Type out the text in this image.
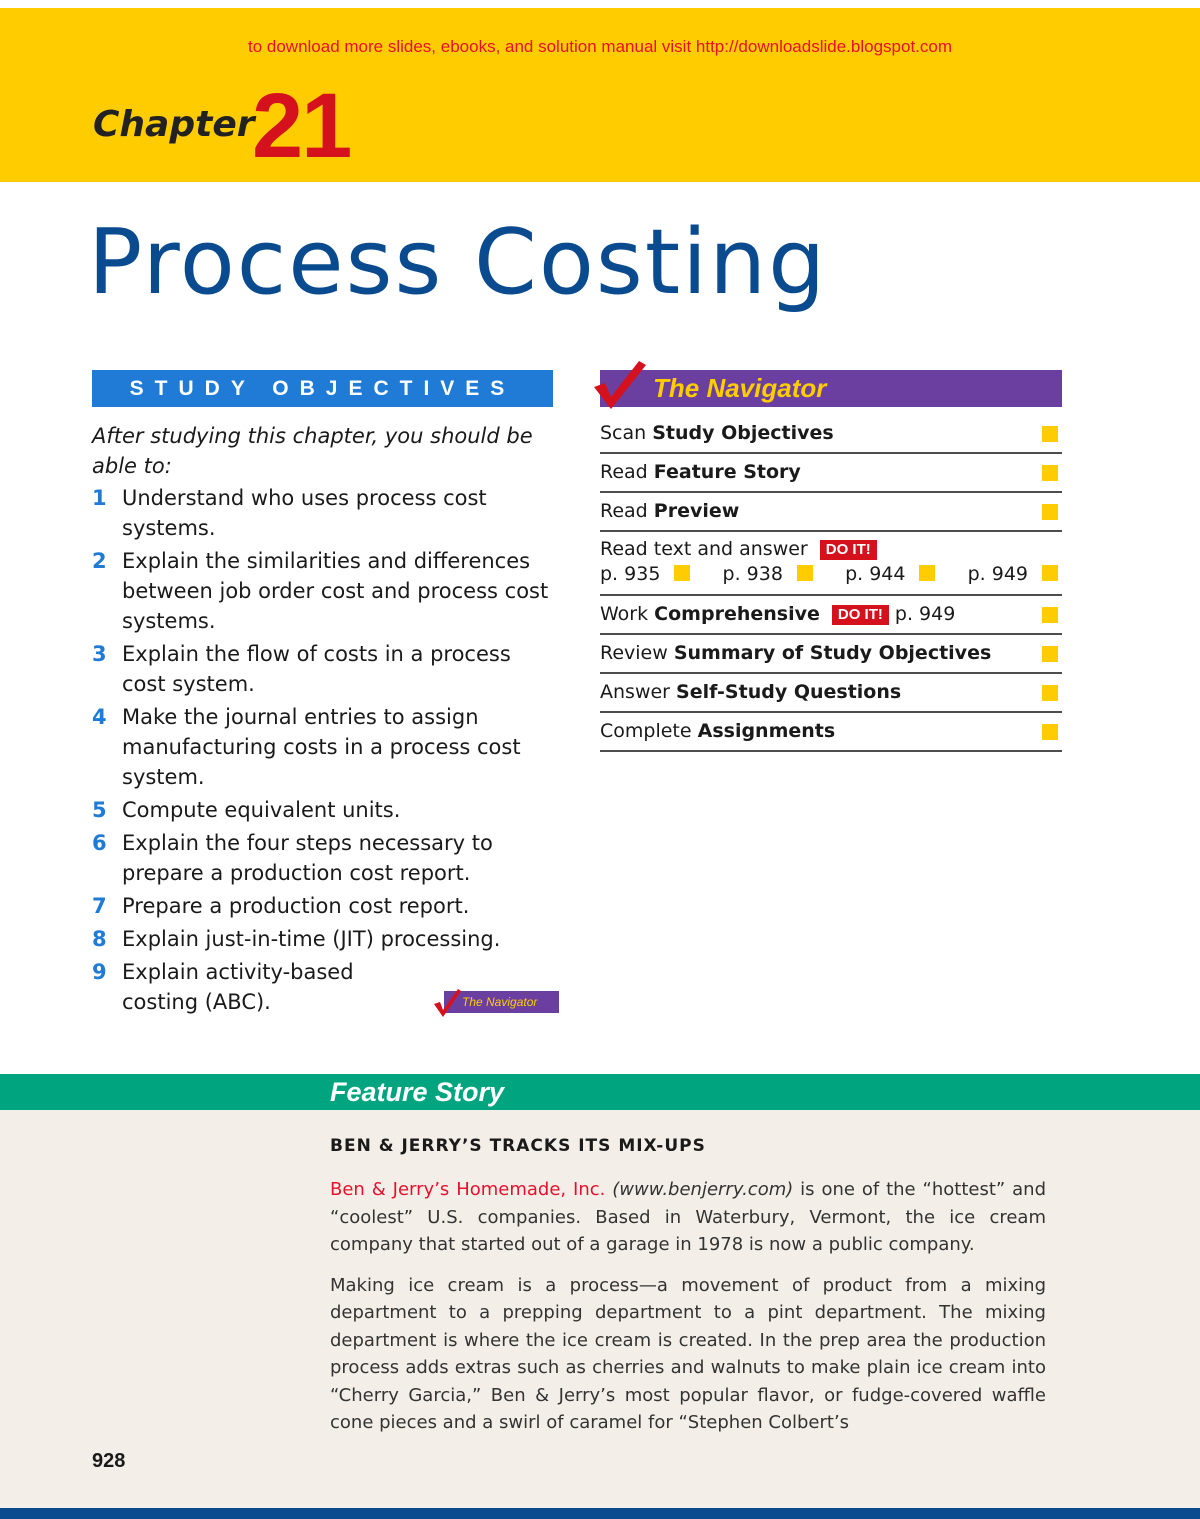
to download more slides, ebooks, and solution manual visit http://downloadslide.blogspot.com
Chapter
21
Process Costing
STUDY OBJECTIVES
After studying this chapter, you should be able to:
1 Understand who uses process cost systems.
2 Explain the similarities and differences between job order cost and process cost systems.
3 Explain the flow of costs in a process cost system.
4 Make the journal entries to assign manufacturing costs in a process cost system.
5 Compute equivalent units.
6 Explain the four steps necessary to prepare a production cost report.
7 Prepare a production cost report.
8 Explain just-in-time (JIT) processing.
9 Explain activity-based costing (ABC).	The Navigator
The Navigator
Scan Study Objectives
Read Feature Story
Read Preview
Read text and answer DO IT!
p. 935	p. 938	p. 944	p. 949
Work Comprehensive DO IT! p. 949
Review Summary of Study Objectives
Answer Self-Study Questions
Complete Assignments
Feature Story
BEN & JERRY’S TRACKS ITS MIX-UPS

Ben & Jerry’s Homemade, Inc. (www.benjerry.com) is one of the “hottest” and “coolest” U.S. companies. Based in Waterbury, Vermont, the ice cream company that started out of a garage in 1978 is now a public company.

Making ice cream is a process—a movement of product from a mixing department to a prepping department to a pint department. The mixing department is where the ice cream is created. In the prep area the production process adds extras such as cherries and walnuts to make plain ice cream into “Cherry Garcia,” Ben & Jerry’s most popular flavor, or fudge-covered waffle cone pieces and a swirl of caramel for “Stephen Colbert’s

928
